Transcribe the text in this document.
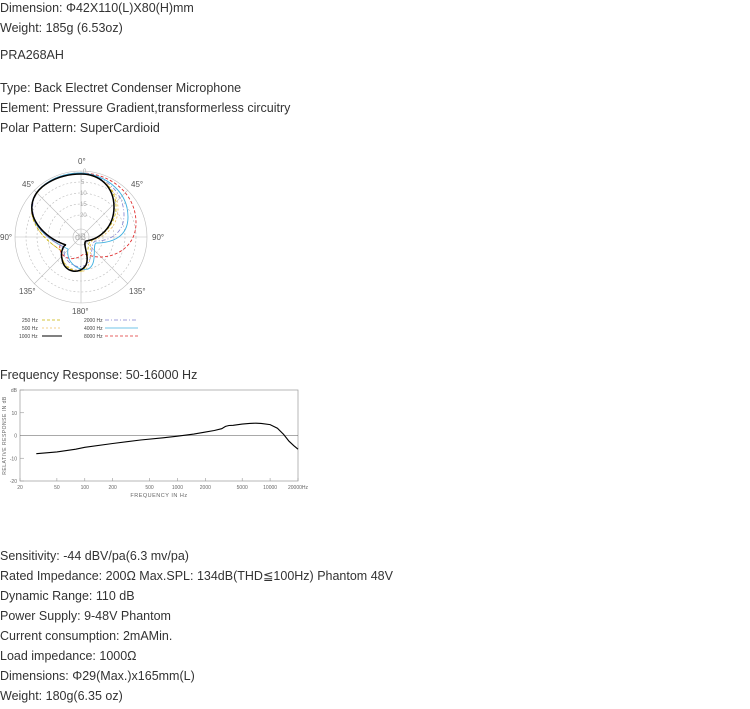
Dimension: Φ42X110(L)X80(H)mm
Weight: 185g (6.53oz)
PRA268AH
Type: Back Electret Condenser Microphone
Element: Pressure Gradient,transformerless circuitry
Polar Pattern: SuperCardioid
0°
45°	45°
90°	90°
135°	135°
180°
0
5
10
15
20
dB
250 Hz
500 Hz
1000 Hz
2000 Hz
4000 Hz
8000 Hz
Frequency Response: 50-16000 Hz
-20
-10
0
10
dB
20	50	100	200	500	1000	2000	5000	10000 20000Hz
FREQUENCY IN Hz
RELATIVE RESPONSE IN dB
Sensitivity: -44 dBV/pa(6.3 mv/pa)
Rated Impedance: 200Ω Max.SPL: 134dB(THD≦100Hz) Phantom 48V
Dynamic Range: 110 dB
Power Supply: 9-48V Phantom
Current consumption: 2mAMin.
Load impedance: 1000Ω
Dimensions: Φ29(Max.)x165mm(L)
Weight: 180g(6.35 oz)
